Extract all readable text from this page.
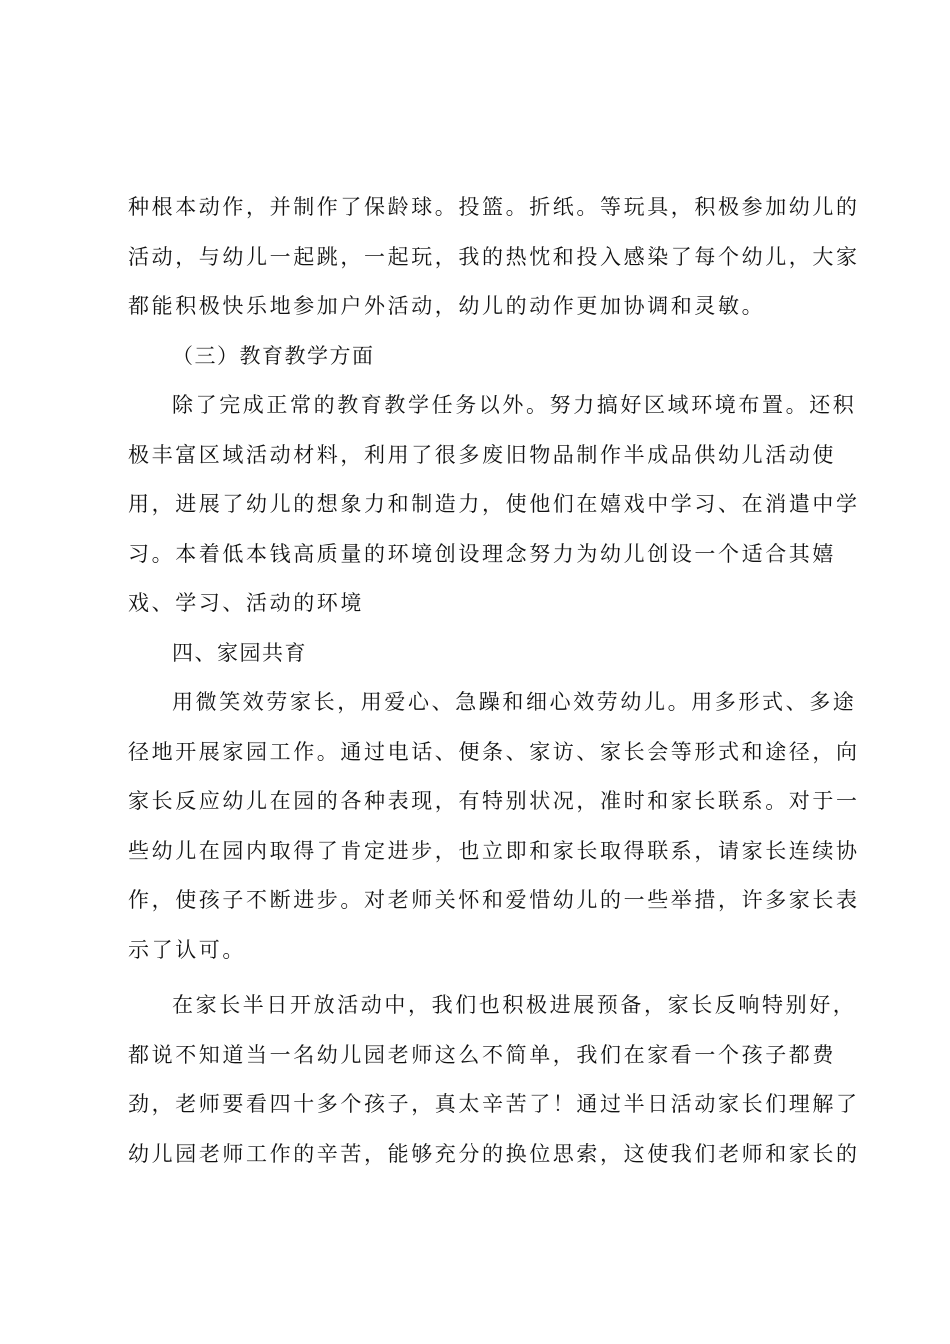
种根本动作，并制作了保龄球。投篮。折纸。等玩具，积极参加幼儿的
活动，与幼儿一起跳，一起玩，我的热忱和投入感染了每个幼儿，大家
都能积极快乐地参加户外活动，幼儿的动作更加协调和灵敏。
（三）教育教学方面
除了完成正常的教育教学任务以外。努力搞好区域环境布置。还积
极丰富区域活动材料，利用了很多废旧物品制作半成品供幼儿活动使
用，进展了幼儿的想象力和制造力，使他们在嬉戏中学习、在消遣中学
习。本着低本钱高质量的环境创设理念努力为幼儿创设一个适合其嬉
戏、学习、活动的环境
四、家园共育
用微笑效劳家长，用爱心、急躁和细心效劳幼儿。用多形式、多途
径地开展家园工作。通过电话、便条、家访、家长会等形式和途径，向
家长反应幼儿在园的各种表现，有特别状况，准时和家长联系。对于一
些幼儿在园内取得了肯定进步，也立即和家长取得联系，请家长连续协
作，使孩子不断进步。对老师关怀和爱惜幼儿的一些举措，许多家长表
示了认可。
在家长半日开放活动中，我们也积极进展预备，家长反响特别好，
都说不知道当一名幼儿园老师这么不简单，我们在家看一个孩子都费
劲，老师要看四十多个孩子，真太辛苦了！通过半日活动家长们理解了
幼儿园老师工作的辛苦，能够充分的换位思索，这使我们老师和家长的
